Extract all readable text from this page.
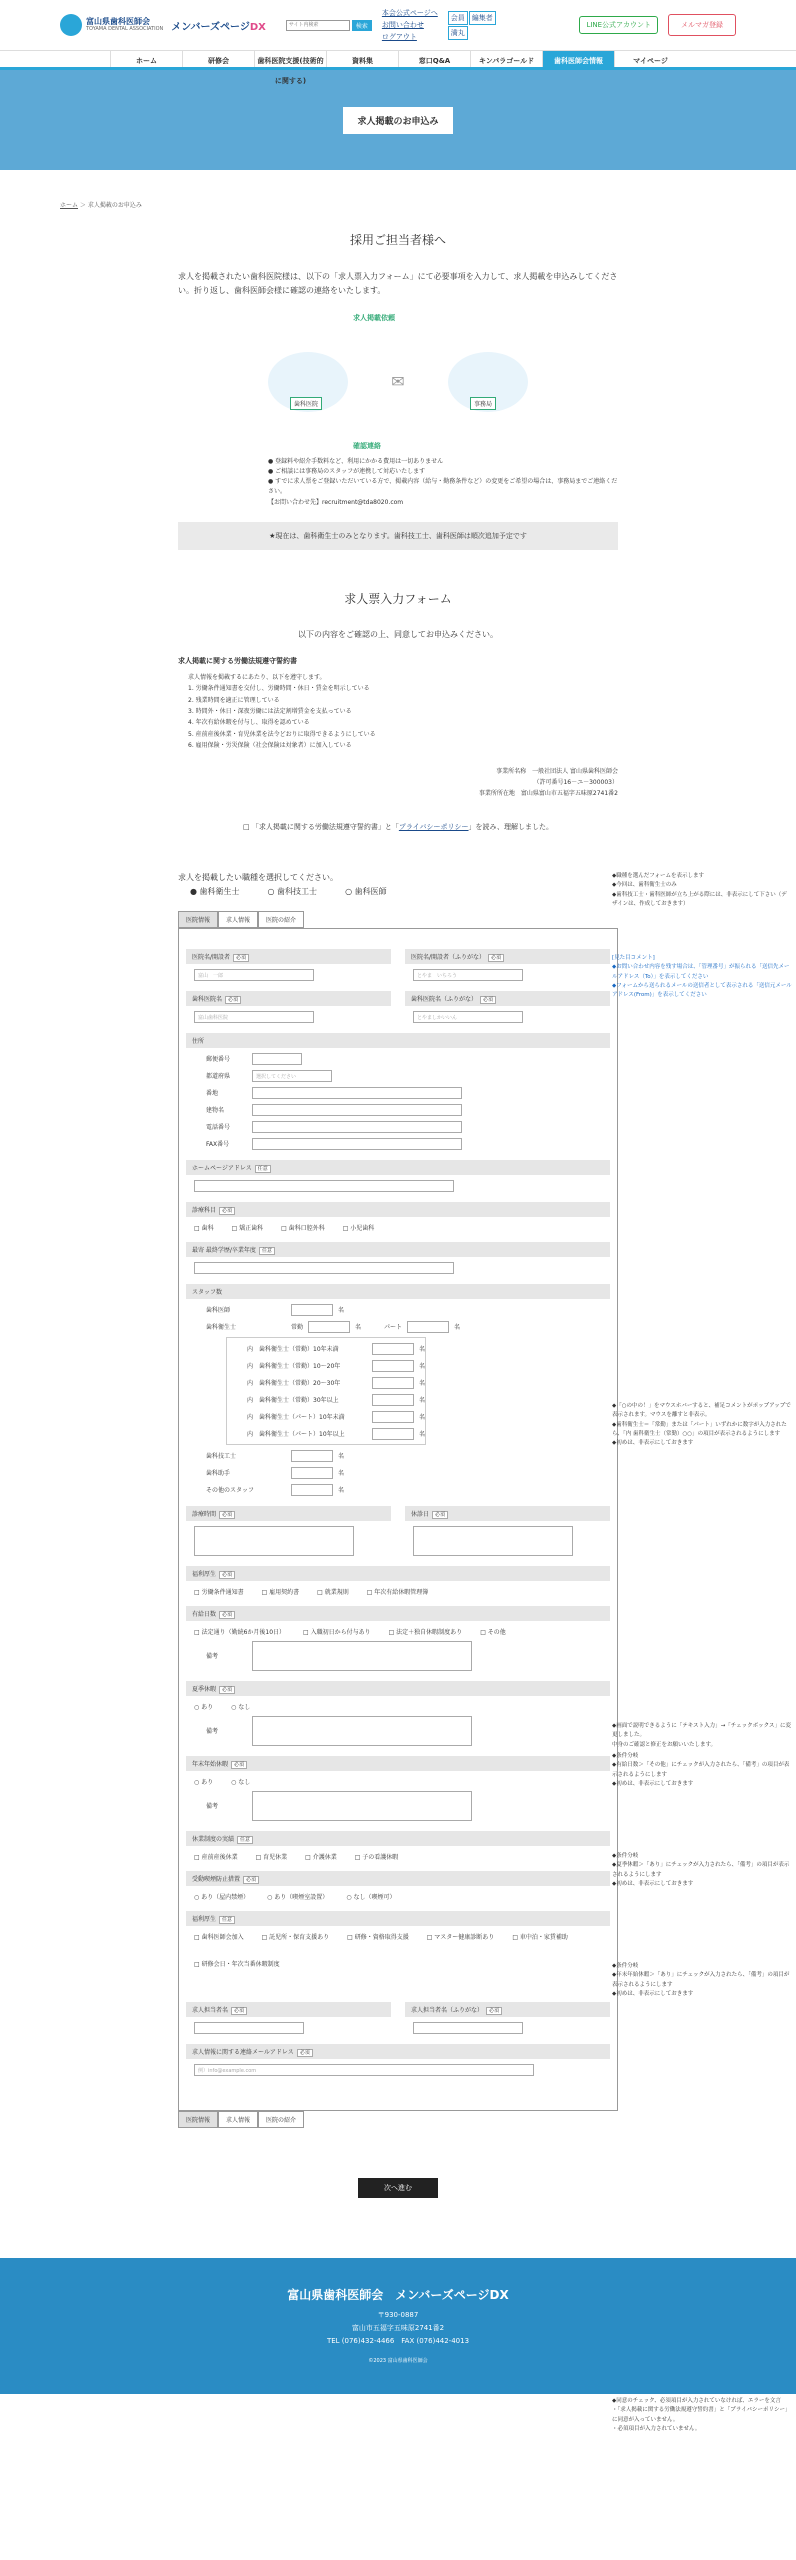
富山県歯科医師会
TOYAMA DENTAL ASSOCIATION メンバーズページDX
サイト内検索	検索
本会公式ページへ
お問い合わせ
ログアウト
会員	編集者
満丸
LINE公式アカウント	メルマガ登録
ホーム	研修会	歯科医院支援(技術的に関する)
資料集	窓口Q&A	キンパラゴールド	歯科医師会情報	マイページ
求人掲載のお申込み
ホーム ＞ 求人掲載のお申込み
採用ご担当者様へ

求人を掲載されたい歯科医院様は、以下の「求人票入力フォーム」にて必要事項を入力して、求人掲載を申込みしてください。折り返し、歯科医師会様に確認の連絡をいたします。

求人掲載依頼
歯科医院
✉
事務局
確認連絡

● 登録料や紹介手数料など、利用にかかる費用は一切ありません

● ご相談には事務局のスタッフが連携して対応いたします

● すでに求人票をご登録いただいている方で、掲載内容（給与・勤務条件など）の変更をご希望の場合は、事務局までご連絡ください。

【お問い合わせ先】recruitment@tda8020.com

★現在は、歯科衛生士のみとなります。歯科技工士、歯科医師は順次追加予定です
求人票入力フォーム

以下の内容をご確認の上、同意してお申込みください。

求人掲載に関する労働法規遵守誓約書

求人情報を掲載するにあたり、以下を遵守します。

1. 労働条件通知書を交付し、労働時間・休日・賃金を明示している

2. 残業時間を適正に管理している

3. 時間外・休日・深夜労働には法定割増賃金を支払っている

4. 年次有給休暇を付与し、取得を認めている

5. 産前産後休業・育児休業を法令どおりに取得できるようにしている

6. 雇用保険・労災保険（社会保険は対象者）に加入している

事業所名称　一般社団法人 富山県歯科医師会

（許可番号16－ユ－300003）

事業所所在地　富山県富山市五福字五味原2741番2

□ 「求人掲載に関する労働法規遵守誓約書」と「プライバシーポリシー」を読み、理解しました。

◆職種を選んだフォームを表示します

◆今回は、歯科衛生士のみ

◆歯科技工士・歯科医師が立ち上がる際には、非表示にして下さい（デザインは、作成しておきます）

[見た目コメント]

◆お問い合わせ内容を残す場合は、「管理番号」が振られる「送信先メールアドレス（To）」を表示してください

◆フォームから送られるメールの送信者として表示される「送信元メールアドレス(From)」を表示してください

◆「○の中の！」をマウスホバーすると、補足コメントがポップアップで表示されます。マウスを離すと非表示。

◆歯科衛生士＝「常勤」または「パート」いずれかに数字が入力されたら、「内 歯科衛生士（常勤）○○」の項目が表示されるようにします

◆初めは、非表示にしておきます

◆画面で説明できるように「テキスト入力」→「チェックボックス」に変更しました。

中身のご確認と修正をお願いいたします。

◆条件分岐

◆有給日数＞「その他」にチェックが入力されたら、「備考」の項目が表示されるようにします

◆初めは、非表示にしておきます

◆条件分岐

◆夏季休暇＞「あり」にチェックが入力されたら、「備考」の項目が表示されるようにします

◆初めは、非表示にしておきます

◆条件分岐

◆年末年始休暇＞「あり」にチェックが入力されたら、「備考」の項目が表示されるようにします

◆初めは、非表示にしておきます

◆同意のチェック、必須項目が入力されていなければ、エラーを文言

・「求人掲載に関する労働法規遵守誓約書」と「プライバシーポリシー」に同意が入っていません。

・必須項目が入力されていません。

求人を掲載したい職種を選択してください。

● 歯科衛生士	○ 歯科技工士	○ 歯科医師
医院情報	求人情報	医院の紹介
医院名/開設者 必須
富山　一郎
医院名/開設者（ふりがな） 必須
とやま　いちろう
歯科医院名 必須
富山歯科医院
歯科医院名（ふりがな） 必須
とやましかいいん
住所
郵便番号
都道府県	選択してください
番地
建物名
電話番号
FAX番号
ホームページアドレス 任意
診療科目 必須
□ 歯科	□ 矯正歯科	□ 歯科口腔外科	□ 小児歯科
最寄 最終学歴/卒業年度 任意
スタッフ数
歯科医師	名
歯科衛生士	常勤	名	パート	名
内　歯科衛生士（常勤）10年未満	名
内　歯科衛生士（常勤）10〜20年	名
内　歯科衛生士（常勤）20〜30年	名
内　歯科衛生士（常勤）30年以上	名
内　歯科衛生士（パート）10年未満	名
内　歯科衛生士（パート）10年以上	名
歯科技工士	名
歯科助手	名
その他のスタッフ	名
診療時間 必須	休診日 必須
福利厚生 必須
□ 労働条件通知書	□ 雇用契約書	□ 就業規則	□ 年次有給休暇管理簿
有給日数 必須
□ 法定通り（勤続6か月後10日）	□ 入職初日から付与あり	□ 法定＋独自休暇制度あり	□ その他
備考
夏季休暇 必須
○ あり	○ なし
備考
年末年始休暇 必須
○ あり	○ なし
備考
休業制度の実績 任意
□ 産前産後休業	□ 育児休業	□ 介護休業	□ 子の看護休暇
受動喫煙防止措置 必須
○ あり（屋内禁煙）	○ あり（喫煙室設置）	○ なし（喫煙可）
福利厚生 任意
□ 歯科医師会加入	□ 託児所・保育支援あり	□ 研修・資格取得支援	□ マスター健康診断あり	□ 車中泊・家賃補助
□ 研修会日・年次当番休暇制度
求人担当者名 必須	求人担当者名（ふりがな） 必須
求人情報に関する連絡メールアドレス 必須
例）info@example.com
医院情報	求人情報	医院の紹介
次へ進む
富山県歯科医師会　メンバーズページDX

〒930-0887

富山市五福字五味原2741番2

TEL (076)432-4466　FAX (076)442-4013

©2023 富山県歯科医師会
